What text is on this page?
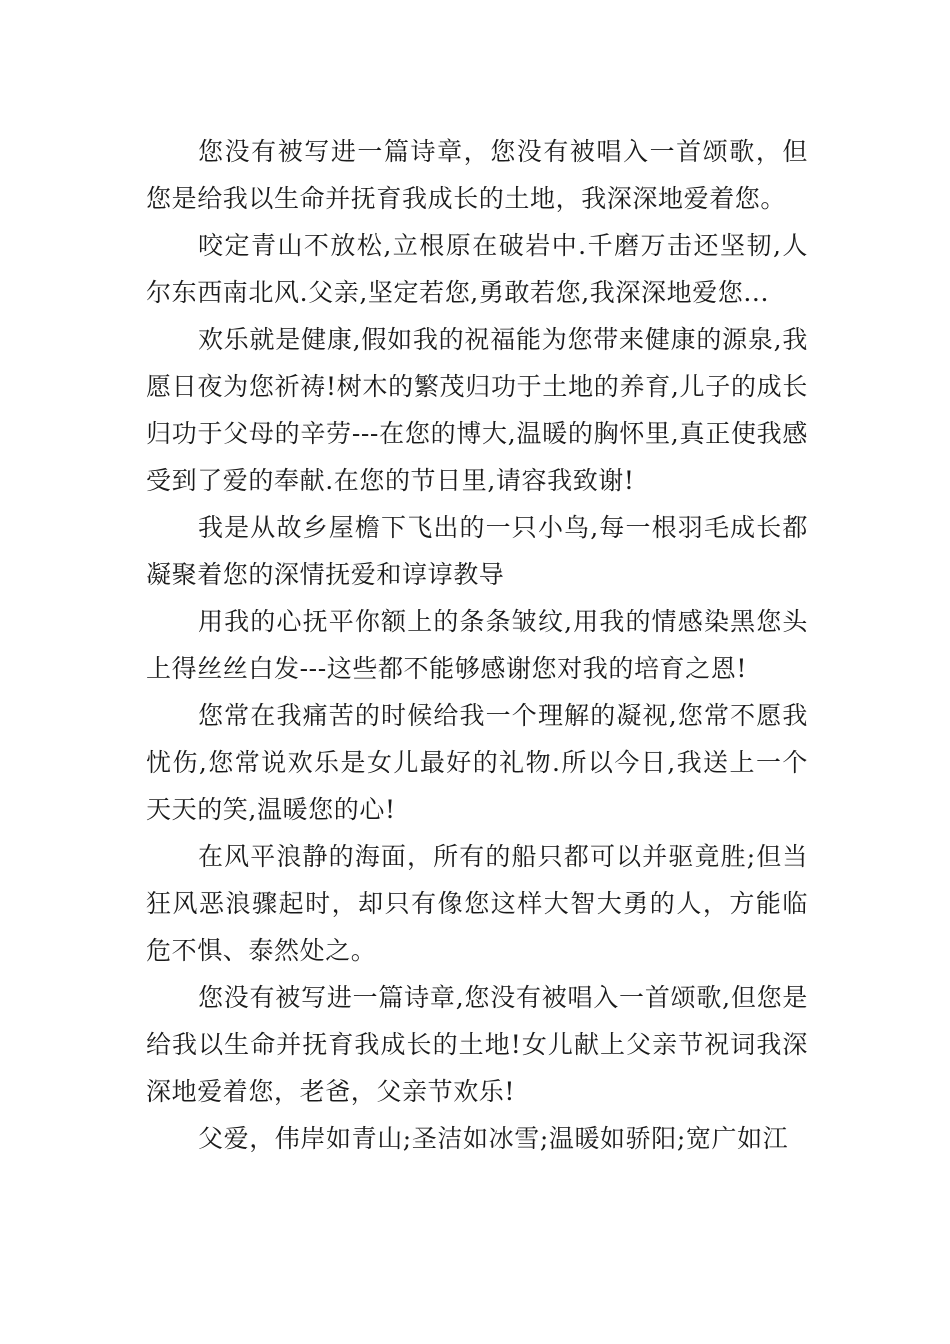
您没有被写进一篇诗章，您没有被唱入一首颂歌，但您是给我以生命并抚育我成长的土地，我深深地爱着您。

咬定青山不放松,立根原在破岩中.千磨万击还坚韧,人尔东西南北风.父亲,坚定若您,勇敢若您,我深深地爱您...

欢乐就是健康,假如我的祝福能为您带来健康的源泉,我愿日夜为您祈祷!树木的繁茂归功于土地的养育,儿子的成长归功于父母的辛劳---在您的博大,温暖的胸怀里,真正使我感受到了爱的奉献.在您的节日里,请容我致谢!

我是从故乡屋檐下飞出的一只小鸟,每一根羽毛成长都凝聚着您的深情抚爱和谆谆教导

用我的心抚平你额上的条条皱纹,用我的情感染黑您头上得丝丝白发---这些都不能够感谢您对我的培育之恩!

您常在我痛苦的时候给我一个理解的凝视,您常不愿我忧伤,您常说欢乐是女儿最好的礼物.所以今日,我送上一个天天的笑,温暖您的心!

在风平浪静的海面，所有的船只都可以并驱竟胜;但当狂风恶浪骤起时，却只有像您这样大智大勇的人，方能临危不惧、泰然处之。

您没有被写进一篇诗章,您没有被唱入一首颂歌,但您是给我以生命并抚育我成长的土地!女儿献上父亲节祝词我深深地爱着您，老爸，父亲节欢乐!

父爱，伟岸如青山;圣洁如冰雪;温暖如骄阳;宽广如江
